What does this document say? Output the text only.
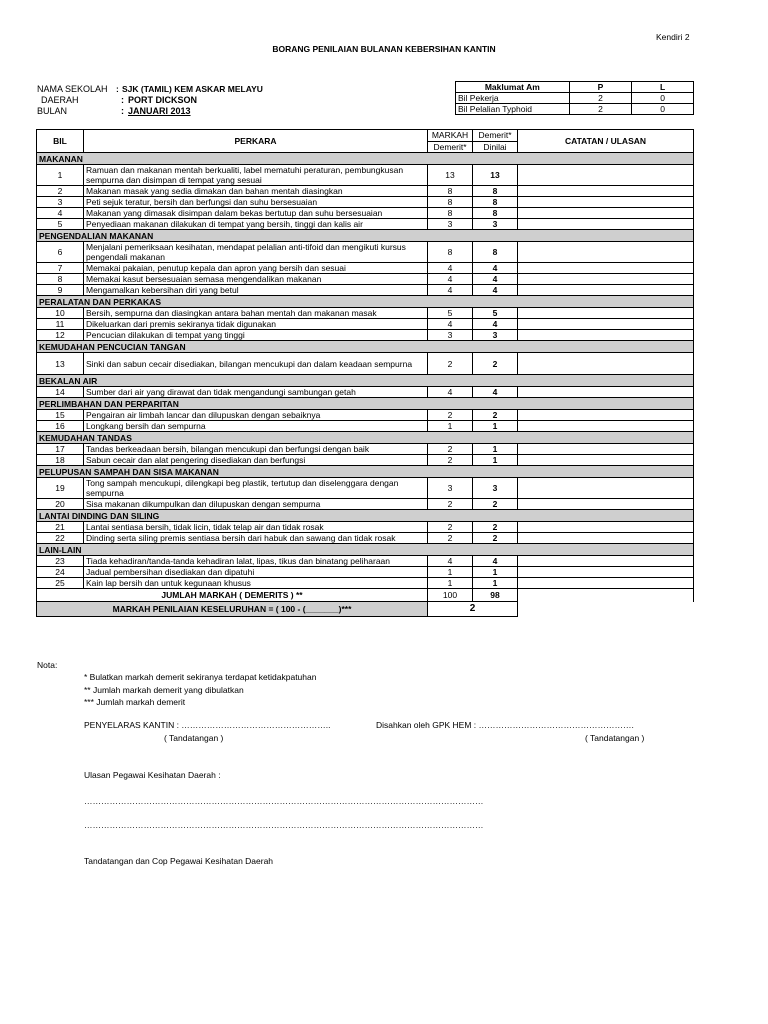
Kendiri 2
BORANG PENILAIAN BULANAN KEBERSIHAN KANTIN
NAMA SEKOLAH : SJK (TAMIL) KEM ASKAR MELAYU
DAERAH	: PORT DICKSON
BULAN	: JANUARI 2013
Maklumat Am	P	L
Bil Pekerja	2	0
Bil Pelalian Typhoid	2	0
BIL	PERKARA	MARKAH	Demerit*	CATATAN / ULASAN
		Demerit*	Dinilai	
MAKANAN				
1	Ramuan dan makanan mentah berkualiti, label mematuhi peraturan, pembungkusan sempurna dan disimpan di tempat yang sesuai	13	13	
2	Makanan masak yang sedia dimakan dan bahan mentah diasingkan	8	8	
3	Peti sejuk teratur, bersih dan berfungsi dan suhu bersesuaian	8	8	
4	Makanan yang dimasak disimpan dalam bekas bertutup dan suhu bersesuaian	8	8	
5	Penyediaan makanan dilakukan di tempat yang bersih, tinggi dan kalis air	3	3	
PENGENDALIAN MAKANAN				
6	Menjalani pemeriksaan kesihatan, mendapat pelalian anti-tifoid dan mengikuti kursus pengendali makanan	8	8	
7	Memakai pakaian, penutup kepala dan apron yang bersih dan sesuai	4	4	
8	Memakai kasut bersesuaian semasa mengendalikan makanan	4	4	
9	Mengamalkan kebersihan diri yang betul	4	4	
PERALATAN DAN PERKAKAS				
10	Bersih, sempurna dan diasingkan antara bahan mentah dan makanan masak	5	5	
11	Dikeluarkan dari premis sekiranya tidak digunakan	4	4	
12	Pencucian dilakukan di tempat yang tinggi	3	3	
KEMUDAHAN PENCUCIAN TANGAN				
13	Sinki dan sabun cecair disediakan, bilangan mencukupi dan dalam keadaan sempurna	2	2	
BEKALAN AIR				
14	Sumber dari air yang dirawat dan tidak mengandungi sambungan getah	4	4	
PERLIMBAHAN DAN PERPARITAN				
15	Pengairan air limbah lancar dan dilupuskan dengan sebaiknya	2	2	
16	Longkang bersih dan sempurna	1	1	
KEMUDAHAN TANDAS				
17	Tandas berkeadaan bersih, bilangan mencukupi dan berfungsi dengan baik	2	1	
18	Sabun cecair dan alat pengering disediakan dan berfungsi	2	1	
PELUPUSAN SAMPAH DAN SISA MAKANAN				
19	Tong sampah mencukupi, dilengkapi beg plastik, tertutup dan diselenggara dengan sempurna	3	3	
20	Sisa makanan dikumpulkan dan dilupuskan dengan sempurna	2	2	
LANTAI DINDING DAN SILING				
21	Lantai sentiasa bersih, tidak licin, tidak telap air dan tidak rosak	2	2	
22	Dinding serta siling premis sentiasa bersih dari habuk dan sawang dan tidak rosak	2	2	
LAIN-LAIN				
23	Tiada kehadiran/tanda-tanda kehadiran lalat, lipas, tikus dan binatang peliharaan	4	4	
24	Jadual pembersihan disediakan dan dipatuhi	1	1	
25	Kain lap bersih dan untuk kegunaan khusus	1	1	
JUMLAH MARKAH ( DEMERITS ) **		100	98	
MARKAH PENILAIAN KESELURUHAN = ( 100 - (_______)***		2		
Nota:
* Bulatkan markah demerit sekiranya terdapat ketidakpatuhan
** Jumlah markah demerit yang dibulatkan
*** Jumlah markah demerit
PENYELARAS KANTIN : ……………………………………………..
( Tandatangan )
Disahkan oleh GPK HEM : ……………………………………………….
( Tandatangan )
Ulasan Pegawai Kesihatan Daerah :
……………………………………………………………………………………………………………………………
……………………………………………………………………………………………………………………………
Tandatangan dan Cop Pegawai Kesihatan Daerah
